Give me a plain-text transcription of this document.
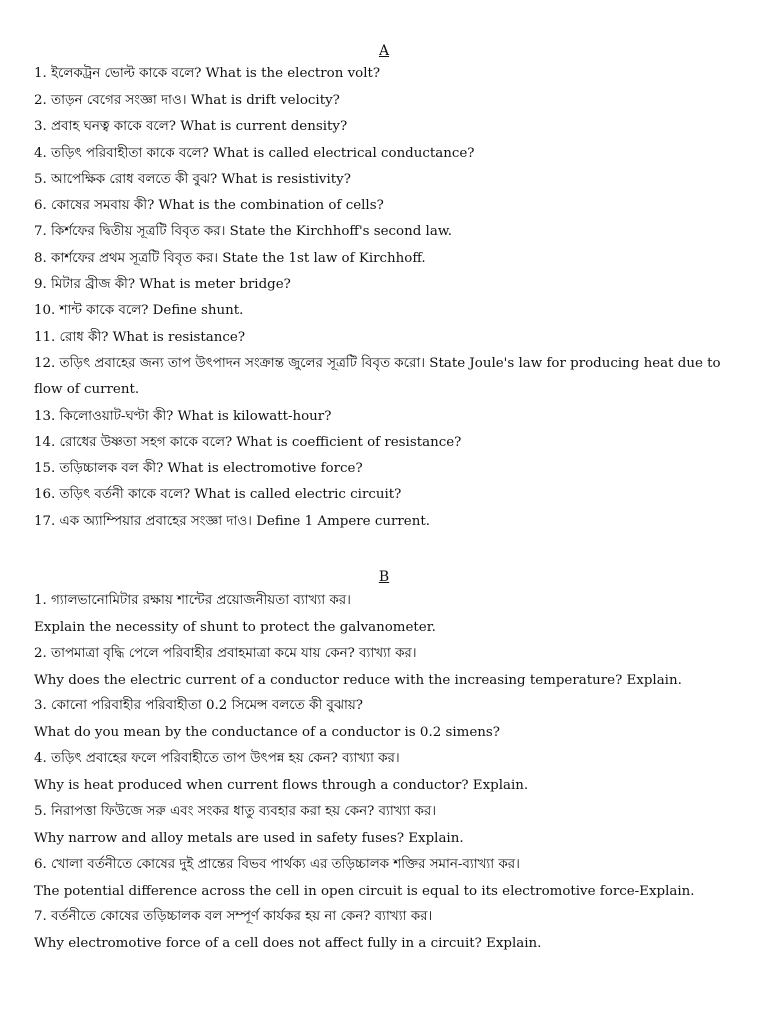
A
1. ইলেকট্রন ভোল্ট কাকে বলে? What is the electron volt?
2. তাড়ন বেগের সংজ্ঞা দাও। What is drift velocity?
3. প্রবাহ ঘনত্ব কাকে বলে? What is current density?
4. তড়িৎ পরিবাহীতা কাকে বলে? What is called electrical conductance?
5. আপেক্ষিক রোধ বলতে কী বুঝ? What is resistivity?
6. কোষের সমবায় কী? What is the combination of cells?
7. কির্শফের দ্বিতীয় সূত্রটি বিবৃত কর। State the Kirchhoff's second law.
8. কার্শফের প্রথম সূত্রটি বিবৃত কর। State the 1st law of Kirchhoff.
9. মিটার ব্রীজ কী? What is meter bridge?
10. শান্ট কাকে বলে? Define shunt.
11. রোধ কী? What is resistance?
12. তড়িৎ প্রবাহের জন্য তাপ উৎপাদন সংক্রান্ত জুলের সূত্রটি বিবৃত করো। State Joule's law for producing heat due to flow of current.
13. কিলোওয়াট-ঘণ্টা কী? What is kilowatt-hour?
14. রোধের উষ্ণতা সহগ কাকে বলে? What is coefficient of resistance?
15. তড়িচ্চালক বল কী? What is electromotive force?
16. তড়িৎ বর্তনী কাকে বলে? What is called electric circuit?
17. এক অ্যাম্পিয়ার প্রবাহের সংজ্ঞা দাও। Define 1 Ampere current.
B
1. গ্যালভানোমিটার রক্ষায় শান্টের প্রয়োজনীয়তা ব্যাখ্যা কর।
Explain the necessity of shunt to protect the galvanometer.
2. তাপমাত্রা বৃদ্ধি পেলে পরিবাহীর প্রবাহমাত্রা কমে যায় কেন? ব্যাখ্যা কর।
Why does the electric current of a conductor reduce with the increasing temperature? Explain.
3. কোনো পরিবাহীর পরিবাহীতা 0.2 সিমেন্স বলতে কী বুঝায়?
What do you mean by the conductance of a conductor is 0.2 simens?
4. তড়িৎ প্রবাহের ফলে পরিবাহীতে তাপ উৎপন্ন হয় কেন? ব্যাখ্যা কর।
Why is heat produced when current flows through a conductor? Explain.
5. নিরাপত্তা ফিউজে সরু এবং সংকর ধাতু ব্যবহার করা হয় কেন? ব্যাখ্যা কর।
Why narrow and alloy metals are used in safety fuses? Explain.
6. খোলা বর্তনীতে কোষের দুই প্রান্তের বিভব পার্থক্য এর তড়িচ্চালক শক্তির সমান-ব্যাখ্যা কর।
The potential difference across the cell in open circuit is equal to its electromotive force-Explain.
7. বর্তনীতে কোষের তড়িচ্চালক বল সম্পূর্ণ কার্যকর হয় না কেন? ব্যাখ্যা কর।
Why electromotive force of a cell does not affect fully in a circuit? Explain.
